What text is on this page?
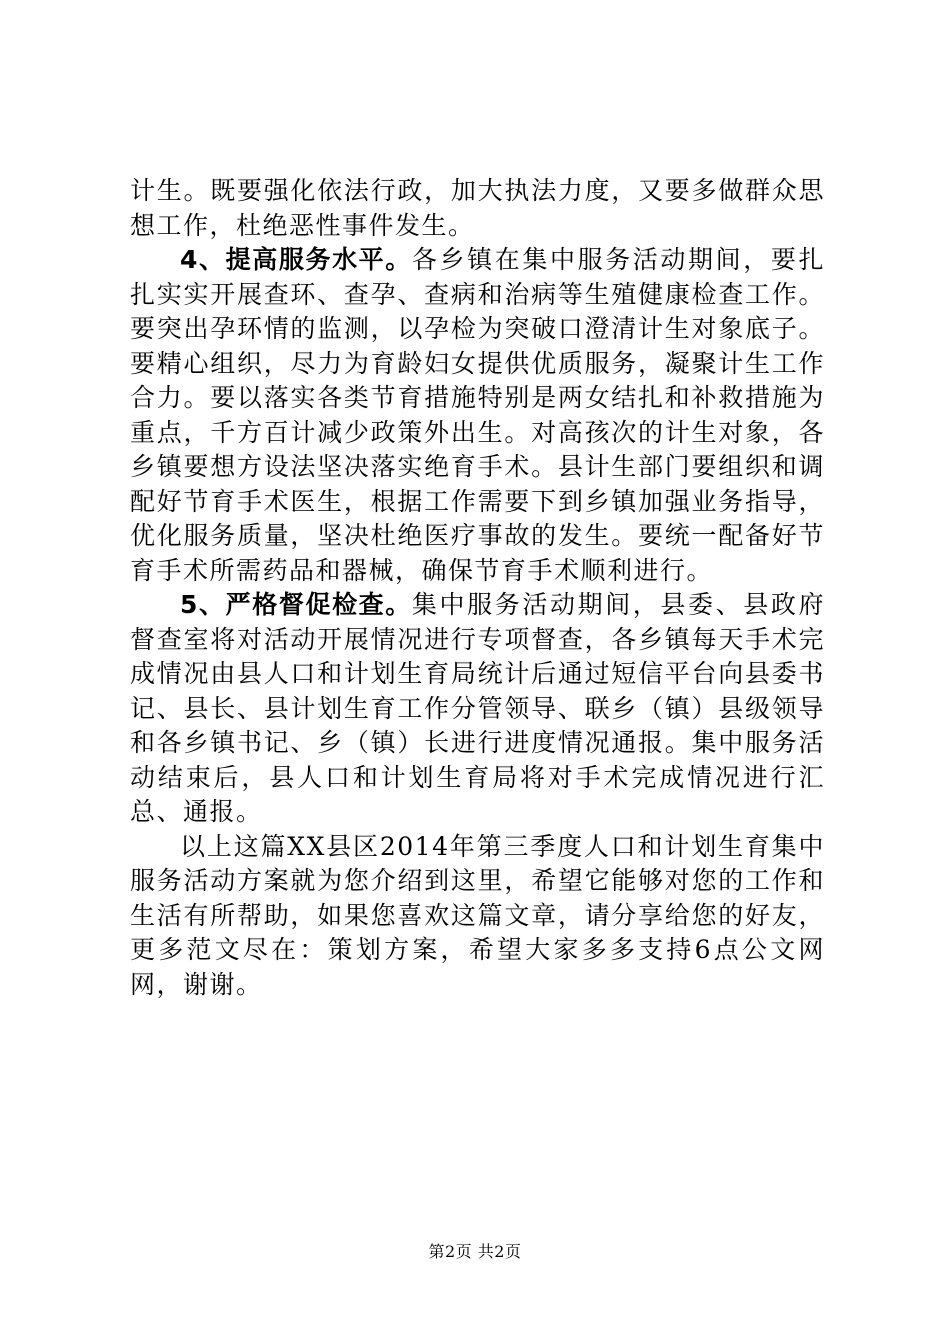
计生。既要强化依法行政，加大执法力度，又要多做群众思想工作，杜绝恶性事件发生。

4、提高服务水平。各乡镇在集中服务活动期间，要扎扎实实开展查环、查孕、查病和治病等生殖健康检查工作。要突出孕环情的监测，以孕检为突破口澄清计生对象底子。要精心组织，尽力为育龄妇女提供优质服务，凝聚计生工作合力。要以落实各类节育措施特别是两女结扎和补救措施为重点，千方百计减少政策外出生。对高孩次的计生对象，各乡镇要想方设法坚决落实绝育手术。县计生部门要组织和调配好节育手术医生，根据工作需要下到乡镇加强业务指导，优化服务质量，坚决杜绝医疗事故的发生。要统一配备好节育手术所需药品和器械，确保节育手术顺利进行。

5、严格督促检查。集中服务活动期间，县委、县政府督查室将对活动开展情况进行专项督查，各乡镇每天手术完成情况由县人口和计划生育局统计后通过短信平台向县委书记、县长、县计划生育工作分管领导、联乡（镇）县级领导和各乡镇书记、乡（镇）长进行进度情况通报。集中服务活动结束后，县人口和计划生育局将对手术完成情况进行汇总、通报。

以上这篇XX县区2014年第三季度人口和计划生育集中服务活动方案就为您介绍到这里，希望它能够对您的工作和生活有所帮助，如果您喜欢这篇文章，请分享给您的好友，更多范文尽在：策划方案，希望大家多多支持6点公文网网，谢谢。

第2页 共2页
